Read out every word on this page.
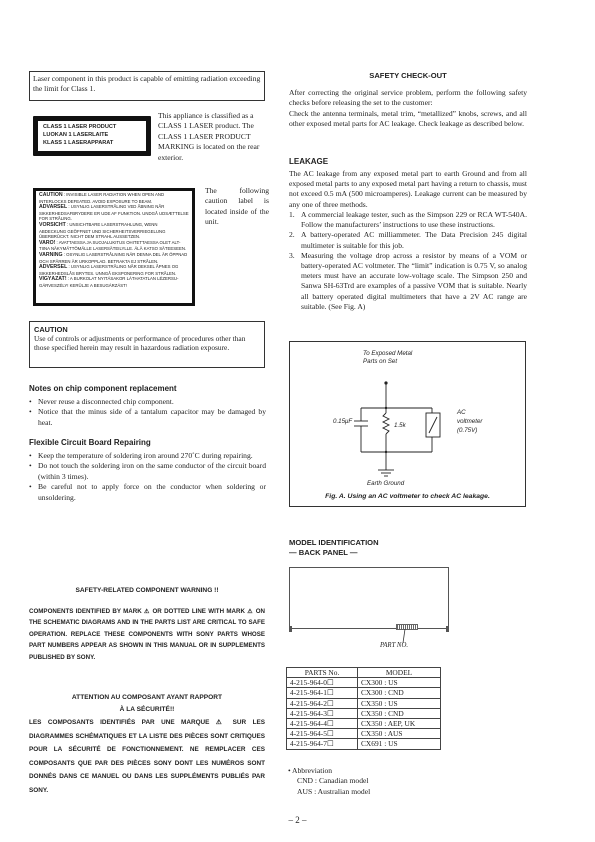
Laser component in this product is capable of emitting radiation exceeding the limit for Class 1.
CLASS 1 LASER PRODUCT
LUOKAN 1 LASERLAITE
KLASS 1 LASERAPPARAT
This appliance is classified as a CLASS 1 LASER product. The CLASS 1 LASER PRODUCT MARKING is located on the rear exterior.
CAUTION : INVISIBLE LASER RADIATION WHEN OPEN AND
INTERLOCKS DEFEATED. AVOID EXPOSURE TO BEAM.
ADVARSEL : USYNLIG LASERSTRÅLING VED ÅBNING NÅR
SIKKERHEDSAFBRYDERE ER UDE AF FUNKTION. UNDGÅ UDSÆTTELSE
FOR STRÅLING.
VORSICHT : UNSICHTBARE LASERSTRAHLUNG, WENN
ABDECKUNG GEÖFFNET UND SICHERHEITSVERRIEGELUNG
ÜBERBRÜCKT. NICHT DEM STRAHL AUSSETZEN.
VARO! : AVATTAESSA JA SUOJALUKITUS OHITETTAESSA OLET ALT-
TIINA NÄKYMÄTTÖMÄLLE LASERSÄTEILYLLE. ÄLÄ KATSO SÄTEESEEN.
VARNING : OSYNLIG LASERSTRÅLNING NÄR DENNA DEL ÄR ÖPPNAD
OCH SPÄRREN ÄR URKOPPLAD. BETRAKTA EJ STRÅLEN.
ADVERSEL : USYNLIG LASERSTRÅLING NÅR DEKSEL ÅPNES OG
SIKKERHEDSLÅS BRYTES. UNNGÅ EKSPONERING FOR STRÅLEN.
VIGYÁZAT! : A BURKOLAT NYITÁSAKOR LÁTHATATLAN LÉZERSU-
GÁRVESZÉLY! KERÜLJE A BESUGÁRZÁST!
The following caution label is located inside of the unit.
CAUTION
Use of controls or adjustments or performance of procedures other than those specified herein may result in hazardous radiation exposure.
Notes on chip component replacement
• Never reuse a disconnected chip component.
• Notice that the minus side of a tantalum capacitor may be damaged by heat.
Flexible Circuit Board Repairing
• Keep the temperature of soldering iron around 270˚C during repairing.
• Do not touch the soldering iron on the same conductor of the circuit board (within 3 times).
• Be careful not to apply force on the conductor when soldering or unsoldering.
SAFETY-RELATED COMPONENT WARNING !!
COMPONENTS IDENTIFIED BY MARK ⚠ OR DOTTED LINE WITH MARK ⚠ ON THE SCHEMATIC DIAGRAMS AND IN THE PARTS LIST ARE CRITICAL TO SAFE OPERATION. REPLACE THESE COMPONENTS WITH SONY PARTS WHOSE PART NUMBERS APPEAR AS SHOWN IN THIS MANUAL OR IN SUPPLEMENTS PUBLISHED BY SONY.
ATTENTION AU COMPOSANT AYANT RAPPORT
À LA SÉCURITÉ!!
LES COMPOSANTS IDENTIFIÉS PAR UNE MARQUE ⚠ SUR LES DIAGRAMMES SCHÉMATIQUES ET LA LISTE DES PIÈCES SONT CRITIQUES POUR LA SÉCURITÉ DE FONCTIONNEMENT. NE REMPLACER CES COMPOSANTS QUE PAR DES PIÈCES SONY DONT LES NUMÉROS SONT DONNÉS DANS CE MANUEL OU DANS LES SUPPLÉMENTS PUBLIÉS PAR SONY.
SAFETY CHECK-OUT
After correcting the original service problem, perform the following safety checks before releasing the set to the customer:
Check the antenna terminals, metal trim, “metallized” knobs, screws, and all other exposed metal parts for AC leakage. Check leakage as described below.
LEAKAGE
The AC leakage from any exposed metal part to earth Ground and from all exposed metal parts to any exposed metal part having a return to chassis, must not exceed 0.5 mA (500 microamperes). Leakage current can be measured by any one of three methods.
1. A commercial leakage tester, such as the Simpson 229 or RCA WT-540A. Follow the manufacturers’ instructions to use these instructions.
2. A battery-operated AC milliammeter. The Data Precision 245 digital multimeter is suitable for this job.
3. Measuring the voltage drop across a resistor by means of a VOM or battery-operated AC voltmeter. The “limit” indication is 0.75 V, so analog meters must have an accurate low-voltage scale. The Simpson 250 and Sanwa SH-63Trd are examples of a passive VOM that is suitable. Nearly all battery operated digital multimeters that have a 2V AC range are suitable. (See Fig. A)
To Exposed Metal
Parts on Set
0.15μF
1.5k
AC
voltmeter
(0.75V)
Earth Ground
Fig. A. Using an AC voltmeter to check AC leakage.
MODEL IDENTIFICATION
— BACK PANEL —
PART NO.
PARTS No.	MODEL
4-215-964-0☐	CX300 : US
4-215-964-1☐	CX300 : CND
4-215-964-2☐	CX350 : US
4-215-964-3☐	CX350 : CND
4-215-964-4☐	CX350 : AEP, UK
4-215-964-5☐	CX350 : AUS
4-215-964-7☐	CX691 : US
• Abbreviation
CND : Canadian model
AUS : Australian model
– 2 –
